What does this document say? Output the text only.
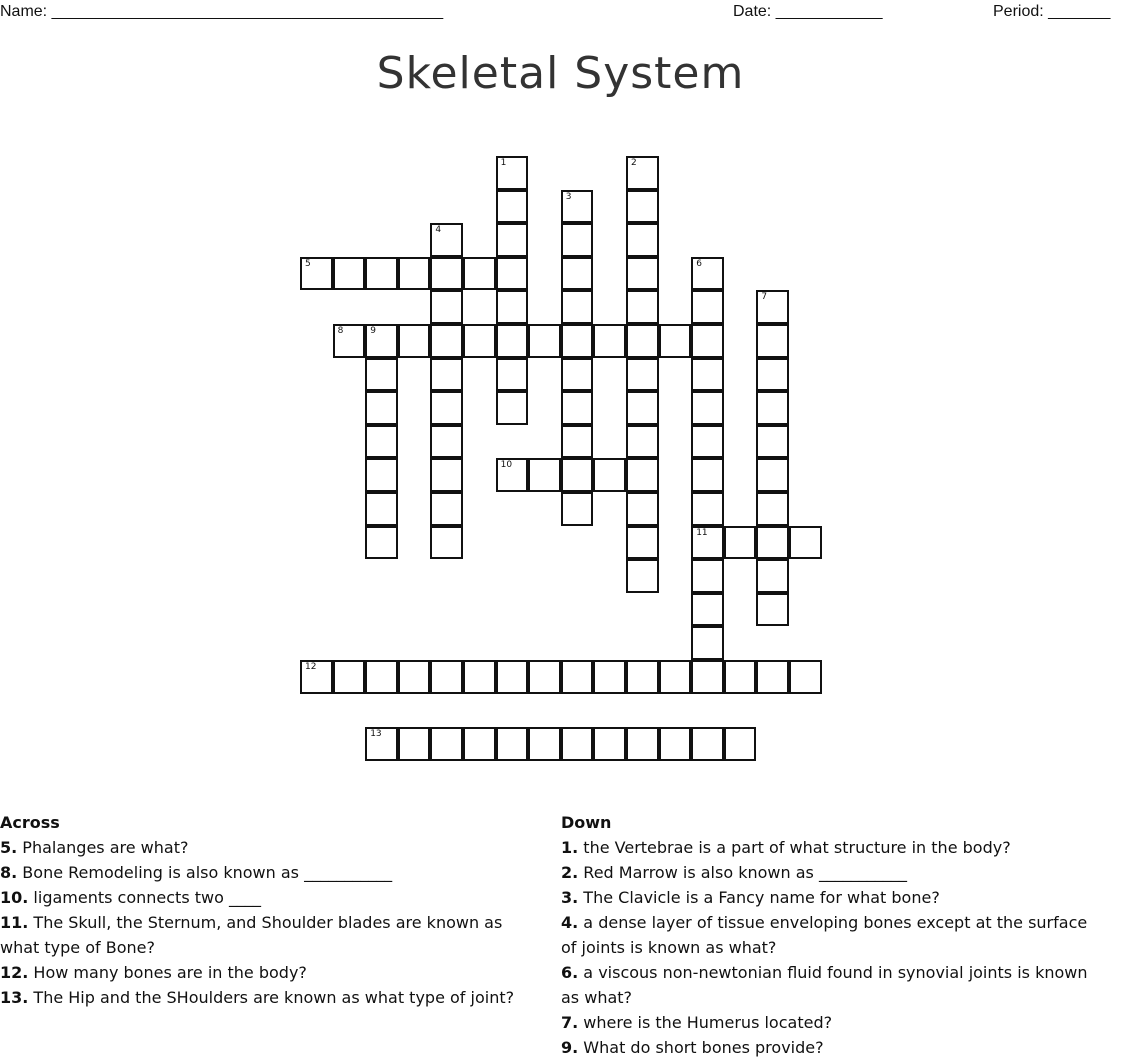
Name: ____________________________________________	Date: ____________	Period: _______
Skeletal System
1	2
3
4
5	6
7
8	9
10
11
12
13
Across
5. Phalanges are what?
8. Bone Remodeling is also known as ___________
10. ligaments connects two ____
11. The Skull, the Sternum, and Shoulder blades are known as what type of Bone?
12. How many bones are in the body?
13. The Hip and the SHoulders are known as what type of joint?
Down
1. the Vertebrae is a part of what structure in the body?
2. Red Marrow is also known as ___________
3. The Clavicle is a Fancy name for what bone?
4. a dense layer of tissue enveloping bones except at the surface of joints is known as what?
6. a viscous non-newtonian fluid found in synovial joints is known as what?
7. where is the Humerus located?
9. What do short bones provide?
